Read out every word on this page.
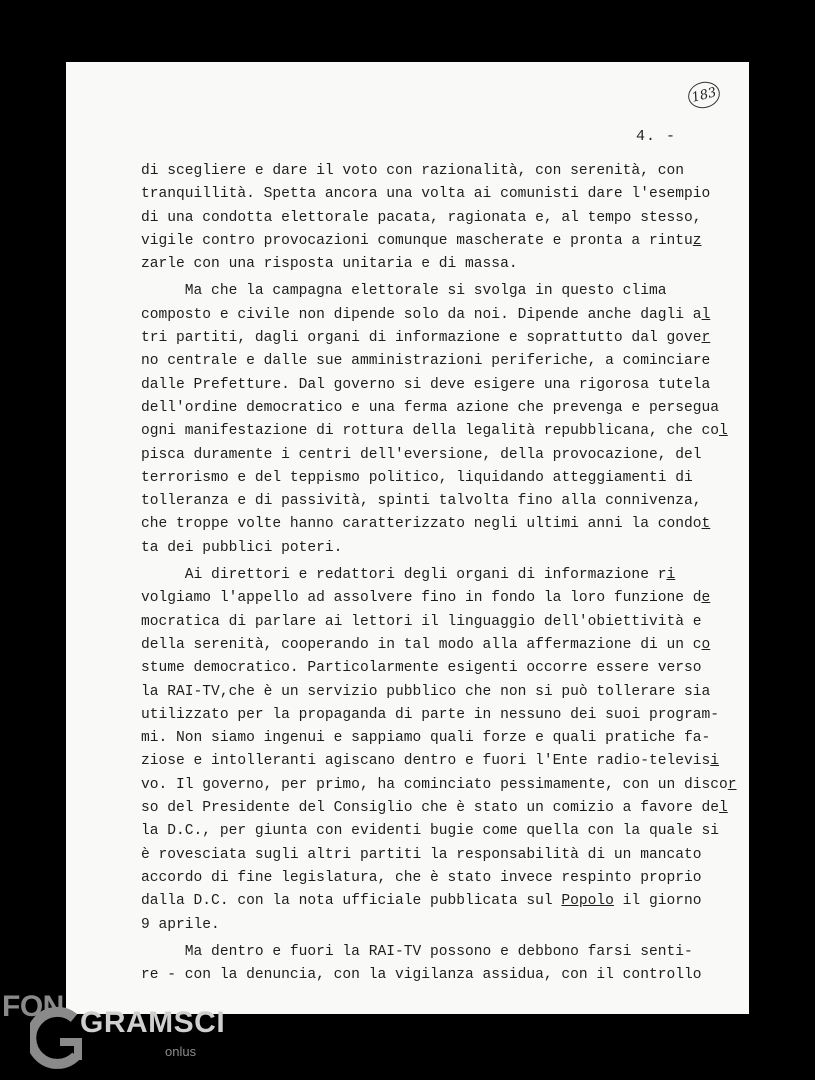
183
4. -
di scegliere e dare il voto con razionalità, con serenità, con
tranquillità. Spetta ancora una volta ai comunisti dare l'esempio
di una condotta elettorale pacata, ragionata e, al tempo stesso,
vigile contro provocazioni comunque mascherate e pronta a rintuz
zarle con una risposta unitaria e di massa.
Ma che la campagna elettorale si svolga in questo clima
composto e civile non dipende solo da noi. Dipende anche dagli al
tri partiti, dagli organi di informazione e soprattutto dal gover
no centrale e dalle sue amministrazioni periferiche, a cominciare
dalle Prefetture. Dal governo si deve esigere una rigorosa tutela
dell'ordine democratico e una ferma azione che prevenga e persegua
ogni manifestazione di rottura della legalità repubblicana, che col
pisca duramente i centri dell'eversione, della provocazione, del
terrorismo e del teppismo politico, liquidando atteggiamenti di
tolleranza e di passività, spinti talvolta fino alla connivenza,
che troppe volte hanno caratterizzato negli ultimi anni la condot
ta dei pubblici poteri.
Ai direttori e redattori degli organi di informazione ri
volgiamo l'appello ad assolvere fino in fondo la loro funzione de
mocratica di parlare ai lettori il linguaggio dell'obiettività e
della serenità, cooperando in tal modo alla affermazione di un co
stume democratico. Particolarmente esigenti occorre essere verso
la RAI-TV,che è un servizio pubblico che non si può tollerare sia
utilizzato per la propaganda di parte in nessuno dei suoi program-
mi. Non siamo ingenui e sappiamo quali forze e quali pratiche fa-
ziose e intolleranti agiscano dentro e fuori l'Ente radio-televisi
vo. Il governo, per primo, ha cominciato pessimamente, con un discor
so del Presidente del Consiglio che è stato un comizio a favore del
la D.C., per giunta con evidenti bugie come quella con la quale si
è rovesciata sugli altri partiti la responsabilità di un mancato
accordo di fine legislatura, che è stato invece respinto proprio
dalla D.C. con la nota ufficiale pubblicata sul Popolo il giorno
9 aprile.
Ma dentro e fuori la RAI-TV possono e debbono farsi senti-
re - con la denuncia, con la vigilanza assidua, con il controllo
FON GRAMSCI
onlus
